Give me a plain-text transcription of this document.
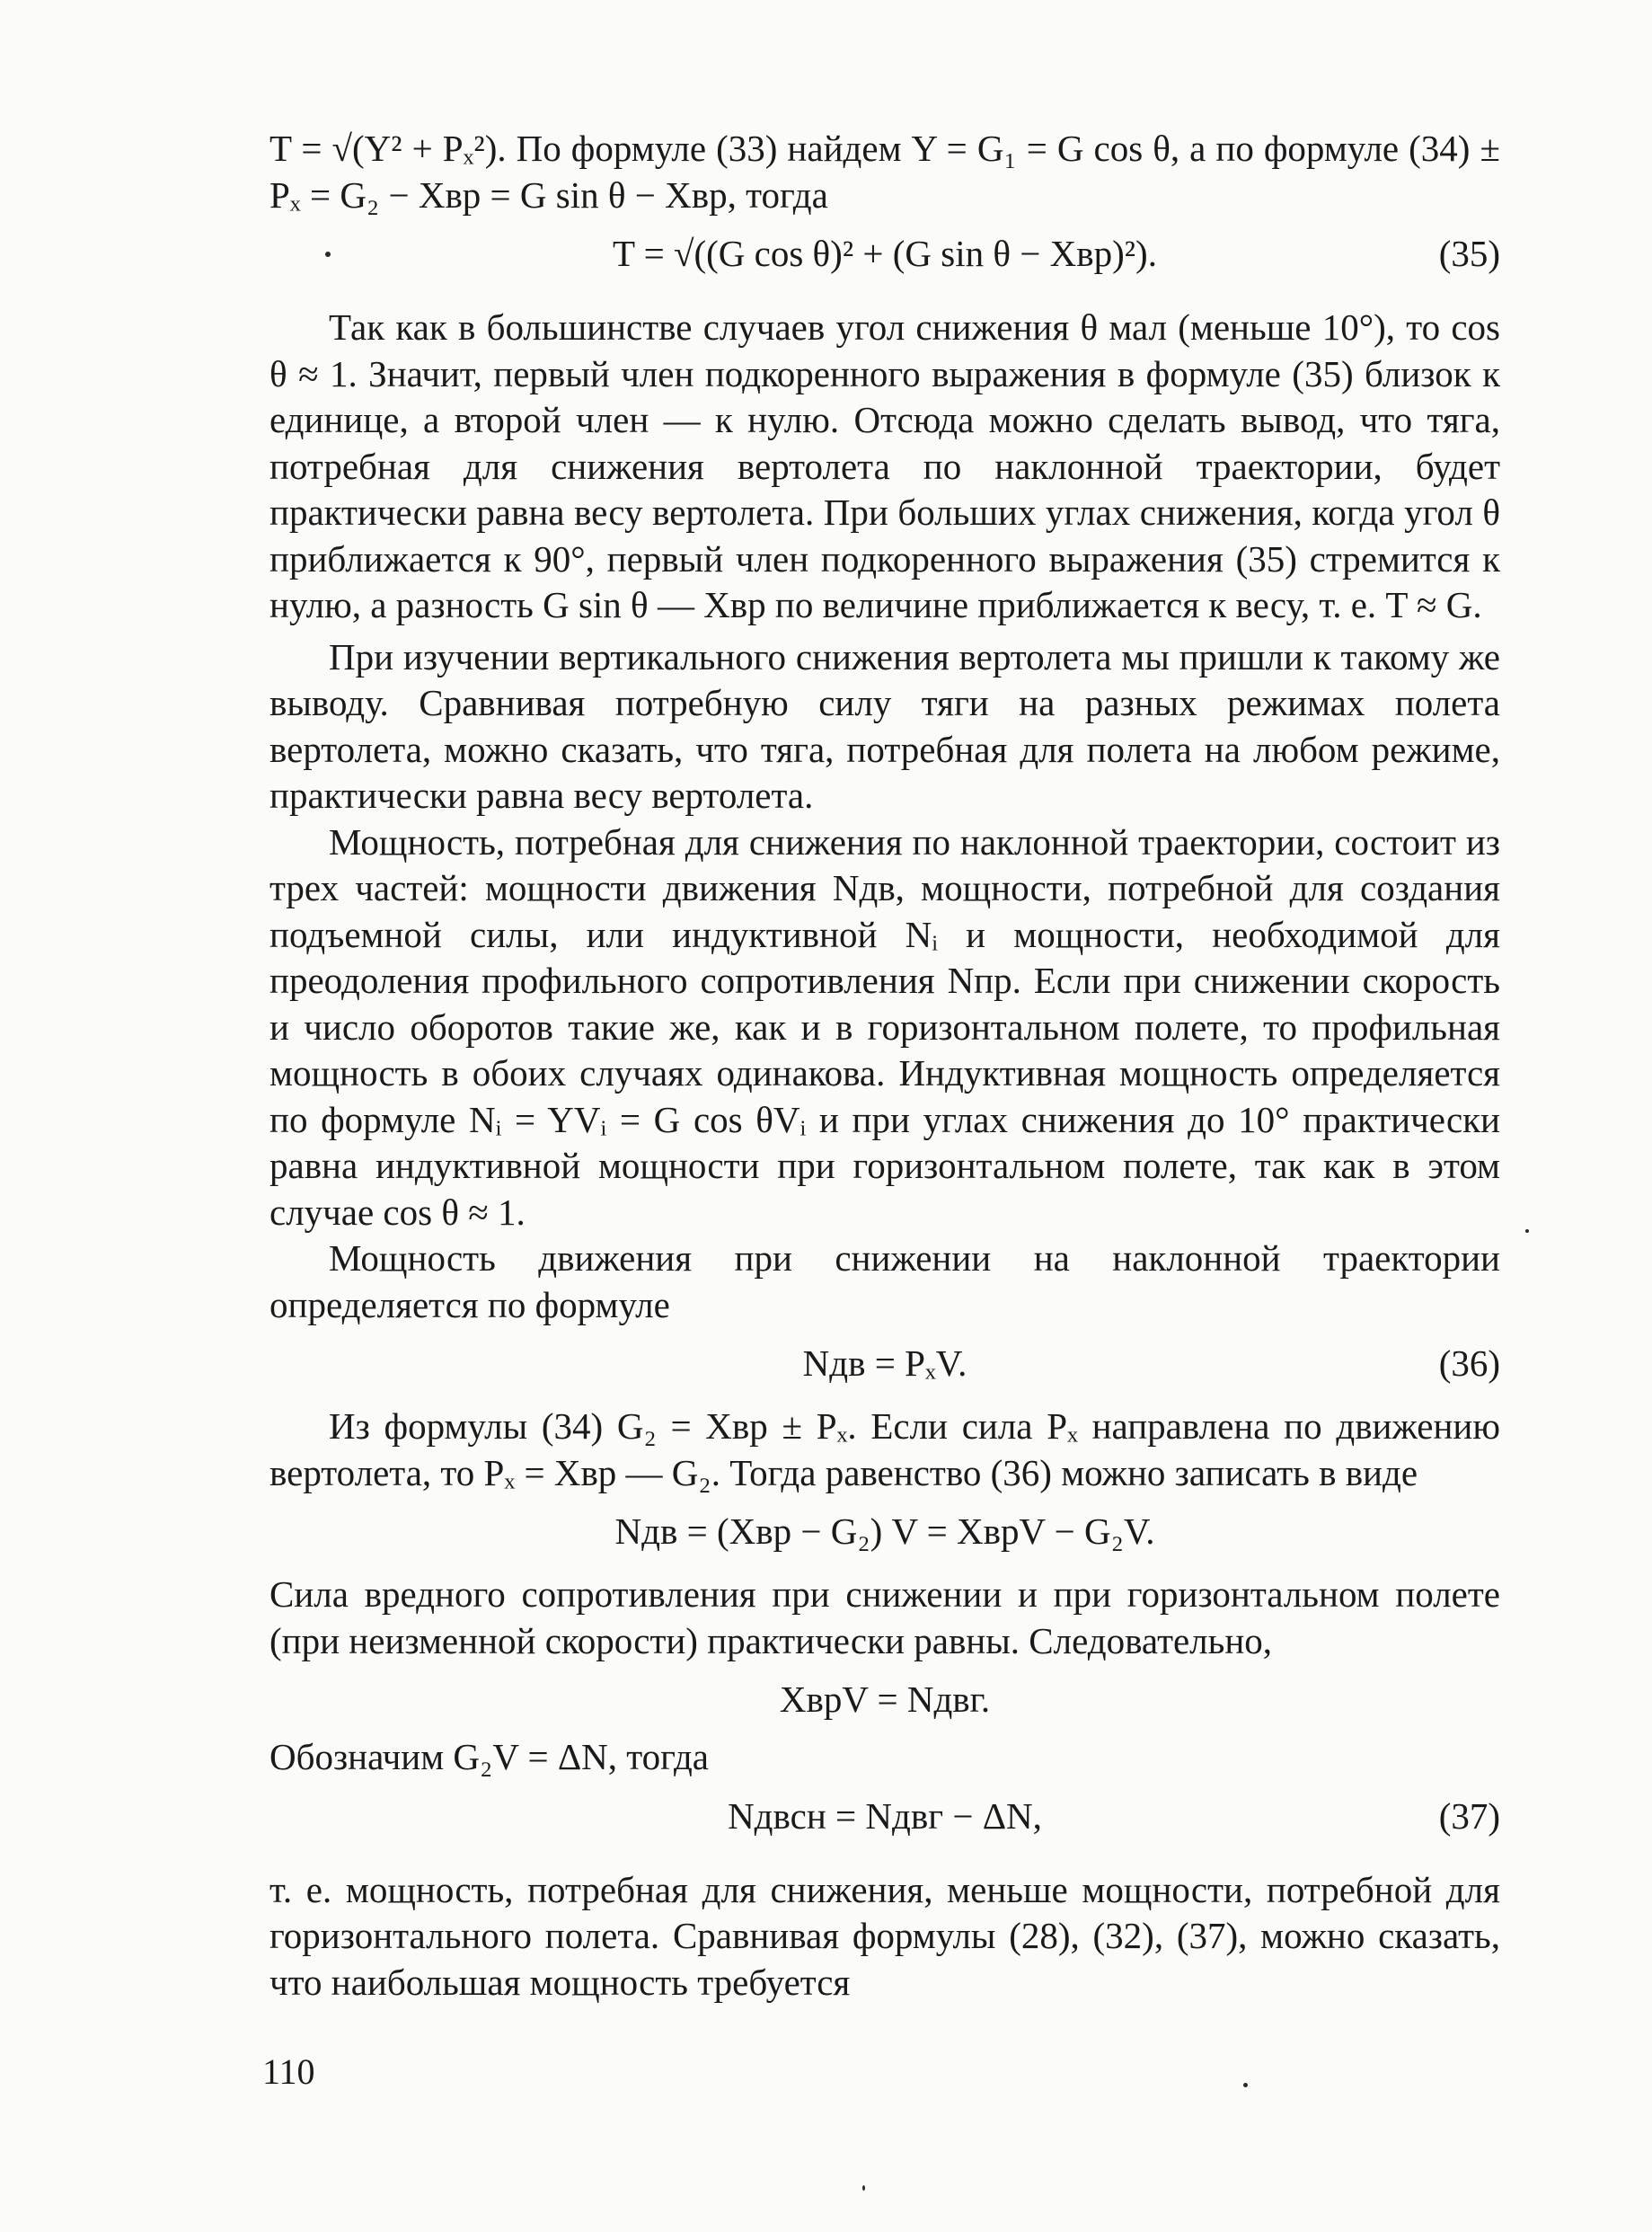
T = √(Y² + Pₓ²). По формуле (33) найдем Y = G₁ = G cos θ, а по формуле (34) ± Pₓ = G₂ − Xвр = G sin θ − Xвр, тогда

T = √((G cos θ)² + (G sin θ − Xвр)²).	(35)

Так как в большинстве случаев угол снижения θ мал (меньше 10°), то cos θ ≈ 1. Значит, первый член подкоренного выражения в формуле (35) близок к единице, а второй член — к нулю. Отсюда можно сделать вывод, что тяга, потребная для снижения вертолета по наклонной траектории, будет практически равна весу вертолета. При больших углах снижения, когда угол θ приближается к 90°, первый член подкоренного выражения (35) стремится к нулю, а разность G sin θ — Xвр по величине приближается к весу, т. е. T ≈ G.

При изучении вертикального снижения вертолета мы пришли к такому же выводу. Сравнивая потребную силу тяги на разных режимах полета вертолета, можно сказать, что тяга, потребная для полета на любом режиме, практически равна весу вертолета.

Мощность, потребная для снижения по наклонной траектории, состоит из трех частей: мощности движения Nдв, мощности, потребной для создания подъемной силы, или индуктивной Nᵢ и мощности, необходимой для преодоления профильного сопротивления Nпр. Если при снижении скорость и число оборотов такие же, как и в горизонтальном полете, то профильная мощность в обоих случаях одинакова. Индуктивная мощность определяется по формуле Nᵢ = YVᵢ = G cos θVᵢ и при углах снижения до 10° практически равна индуктивной мощности при горизонтальном полете, так как в этом случае cos θ ≈ 1.

Мощность движения при снижении на наклонной траектории определяется по формуле

Nдв = PₓV.	(36)

Из формулы (34) G₂ = Xвр ± Pₓ. Если сила Pₓ направлена по движению вертолета, то Pₓ = Xвр — G₂. Тогда равенство (36) можно записать в виде

Nдв = (Xвр − G₂) V = XврV − G₂V.

Сила вредного сопротивления при снижении и при горизонтальном полете (при неизменной скорости) практически равны. Следовательно,

XврV = Nдвг.

Обозначим G₂V = ΔN, тогда

Nдвсн = Nдвг − ΔN,	(37)

т. е. мощность, потребная для снижения, меньше мощности, потребной для горизонтального полета. Сравнивая формулы (28), (32), (37), можно сказать, что наибольшая мощность требуется

110
